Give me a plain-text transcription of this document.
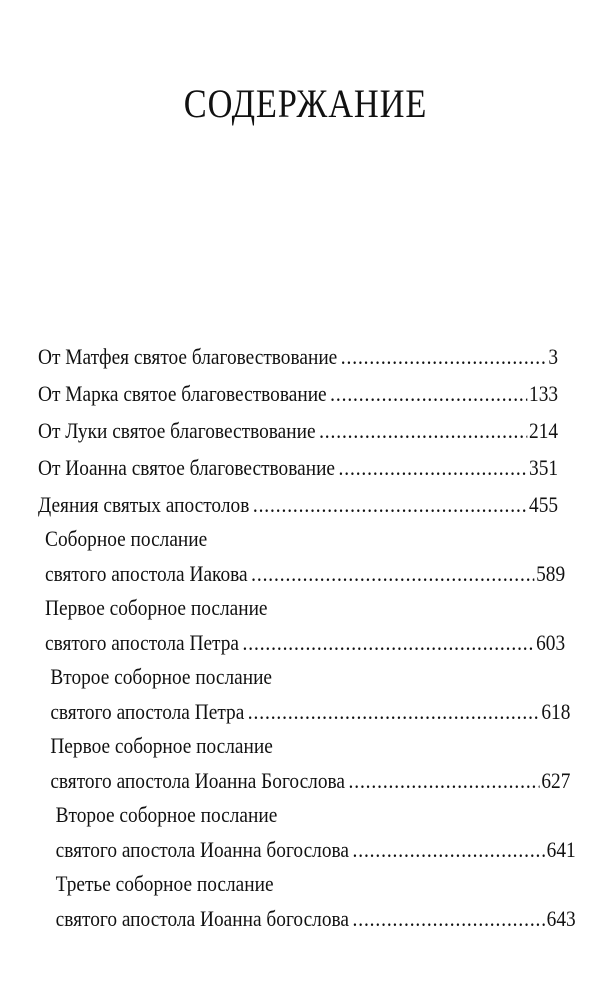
СОДЕРЖАНИЕ
От Матфея святое благовествование .....	3
От Марка святое благовествование .....	133
От Луки святое благовествование .....	214
От Иоанна святое благовествование .....	351
Деяния святых апостолов .....	455
Соборное послание
святого апостола Иакова .....	589
Первое соборное послание
святого апостола Петра .....	603
Второе соборное послание
святого апостола Петра .....	618
Первое соборное послание
святого апостола Иоанна Богослова .....	627
Второе соборное послание
святого апостола Иоанна богослова .....	641
Третье соборное послание
святого апостола Иоанна богослова .....	643
